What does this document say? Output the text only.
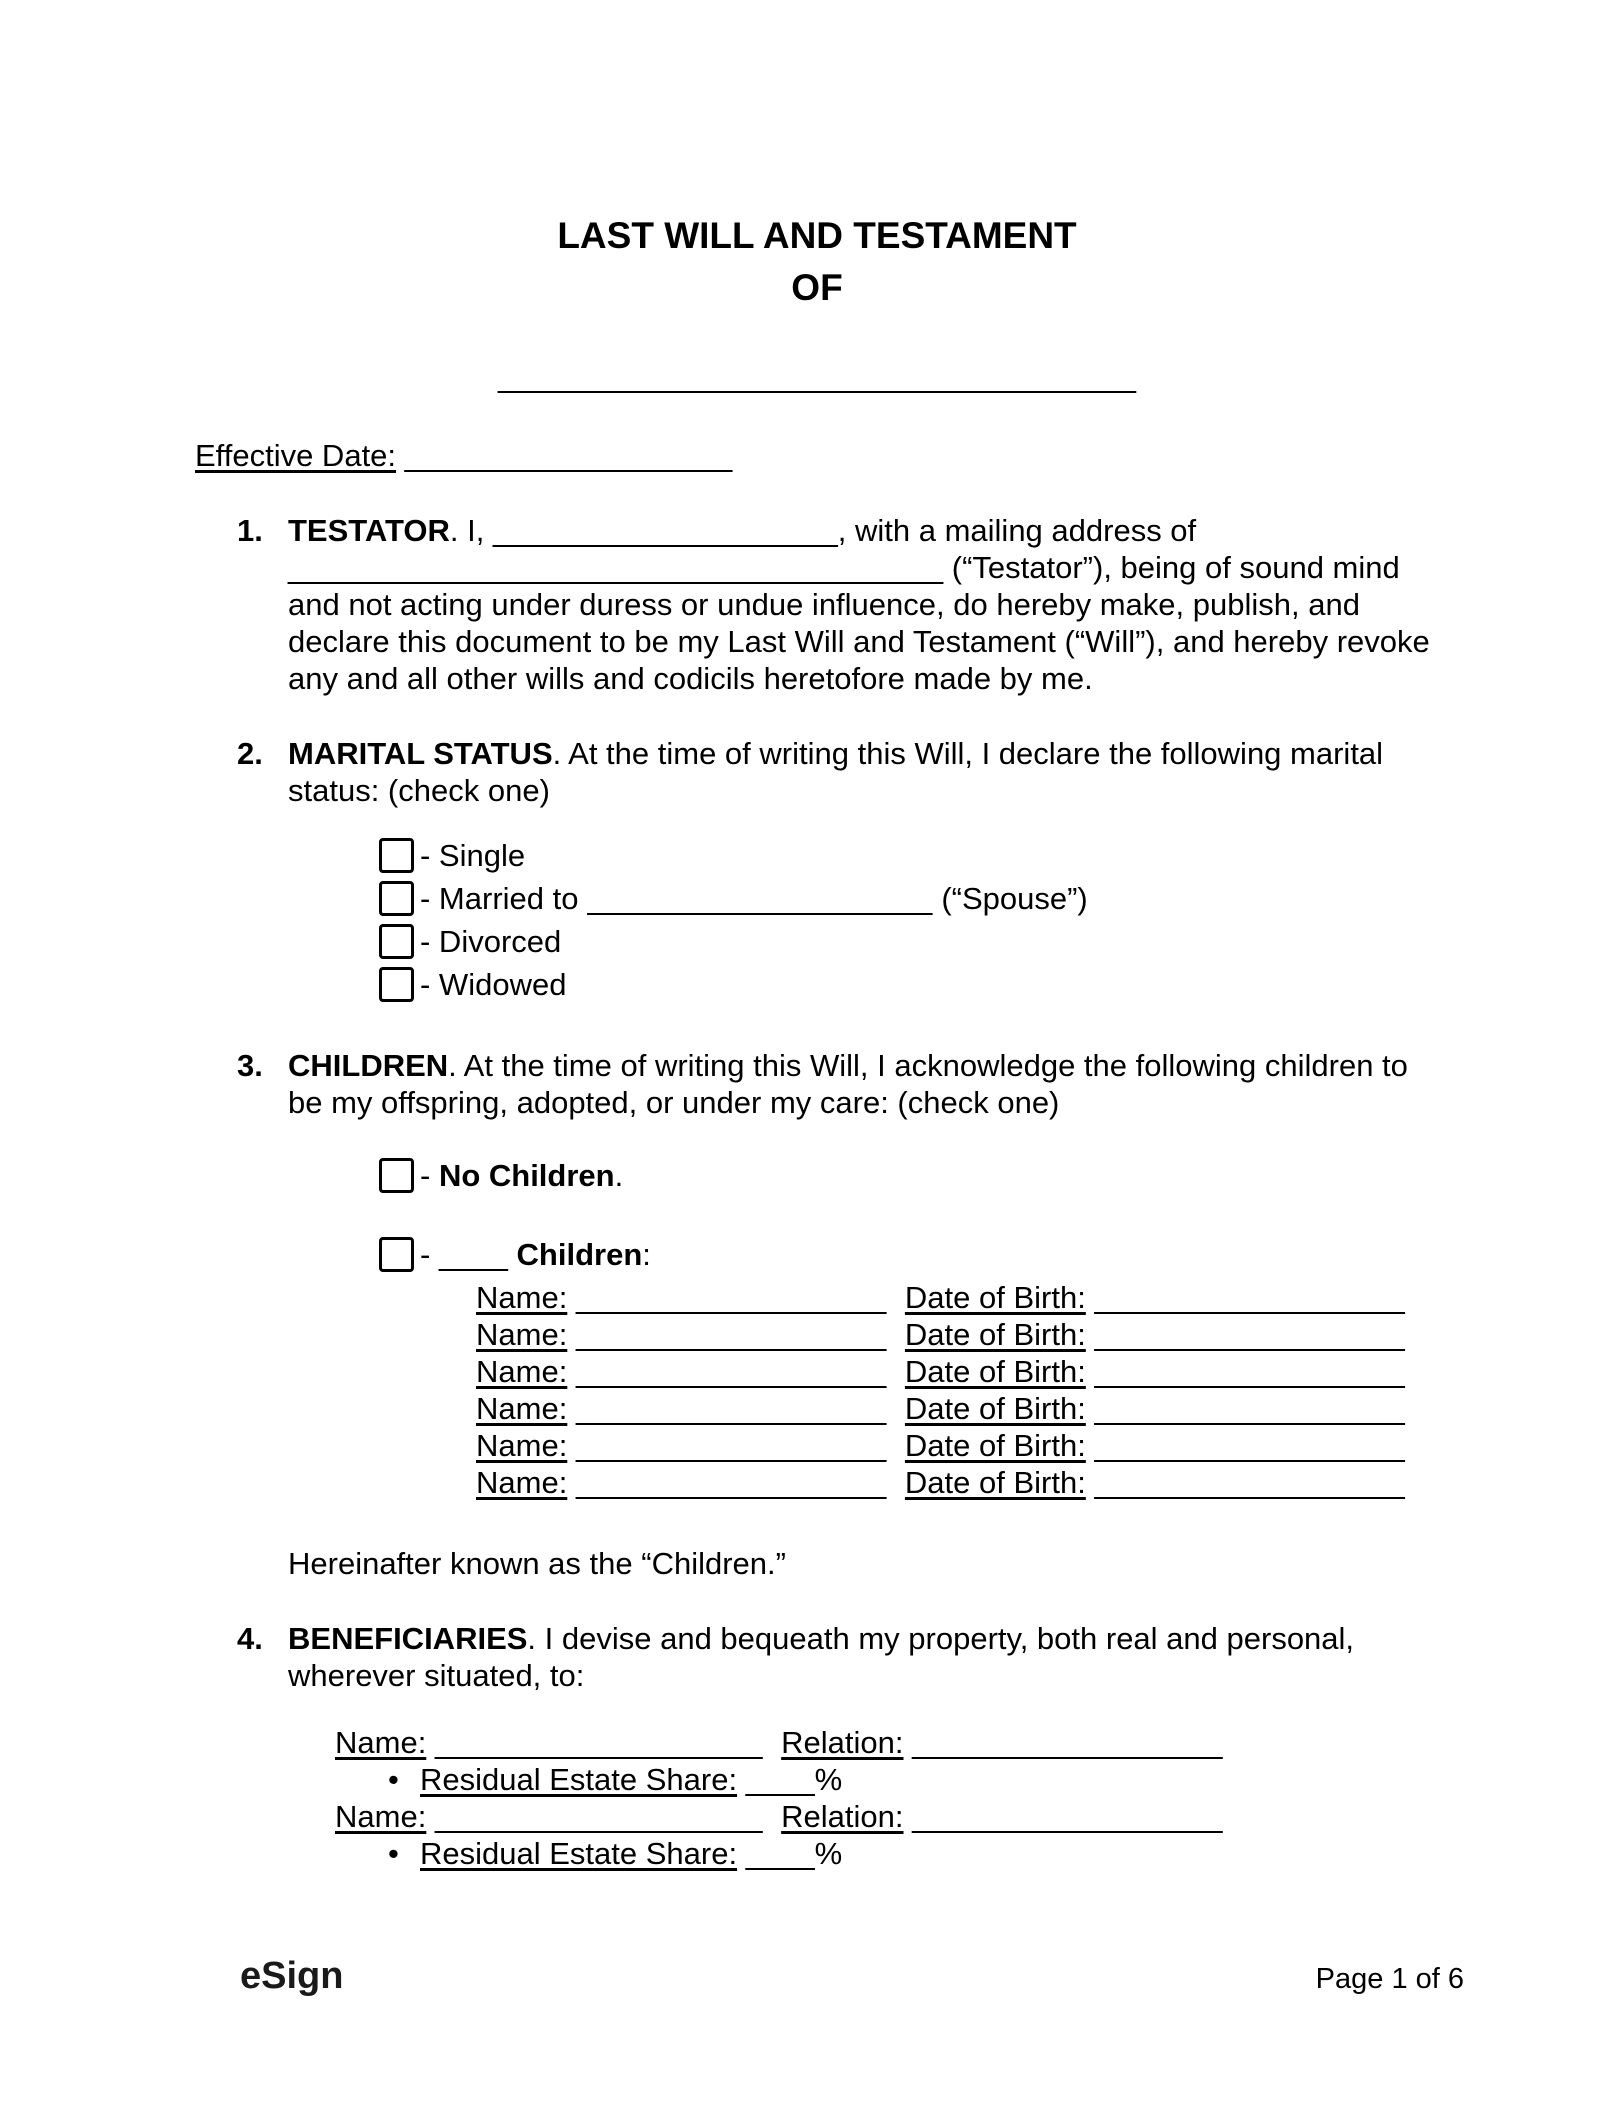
LAST WILL AND TESTAMENT
OF
_____________________________________
Effective Date: ___________________
1. TESTATOR. I, ____________________, with a mailing address of ______________________________________ (“Testator”), being of sound mind and not acting under duress or undue influence, do hereby make, publish, and declare this document to be my Last Will and Testament (“Will”), and hereby revoke any and all other wills and codicils heretofore made by me.

2. MARITAL STATUS. At the time of writing this Will, I declare the following marital status: (check one)

- Single
- Married to ____________________ (“Spouse”)
- Divorced
- Widowed
3. CHILDREN. At the time of writing this Will, I acknowledge the following children to be my offspring, adopted, or under my care: (check one)

- No Children.
- ____ Children:
Name: __________________ Date of Birth: __________________
Name: __________________ Date of Birth: __________________
Name: __________________ Date of Birth: __________________
Name: __________________ Date of Birth: __________________
Name: __________________ Date of Birth: __________________
Name: __________________ Date of Birth: __________________

Hereinafter known as the “Children.”

4. BENEFICIARIES. I devise and bequeath my property, both real and personal, wherever situated, to:

Name: ___________________ Relation: __________________
• Residual Estate Share: ____%
Name: ___________________ Relation: __________________
• Residual Estate Share: ____%
eSign	Page 1 of 6
